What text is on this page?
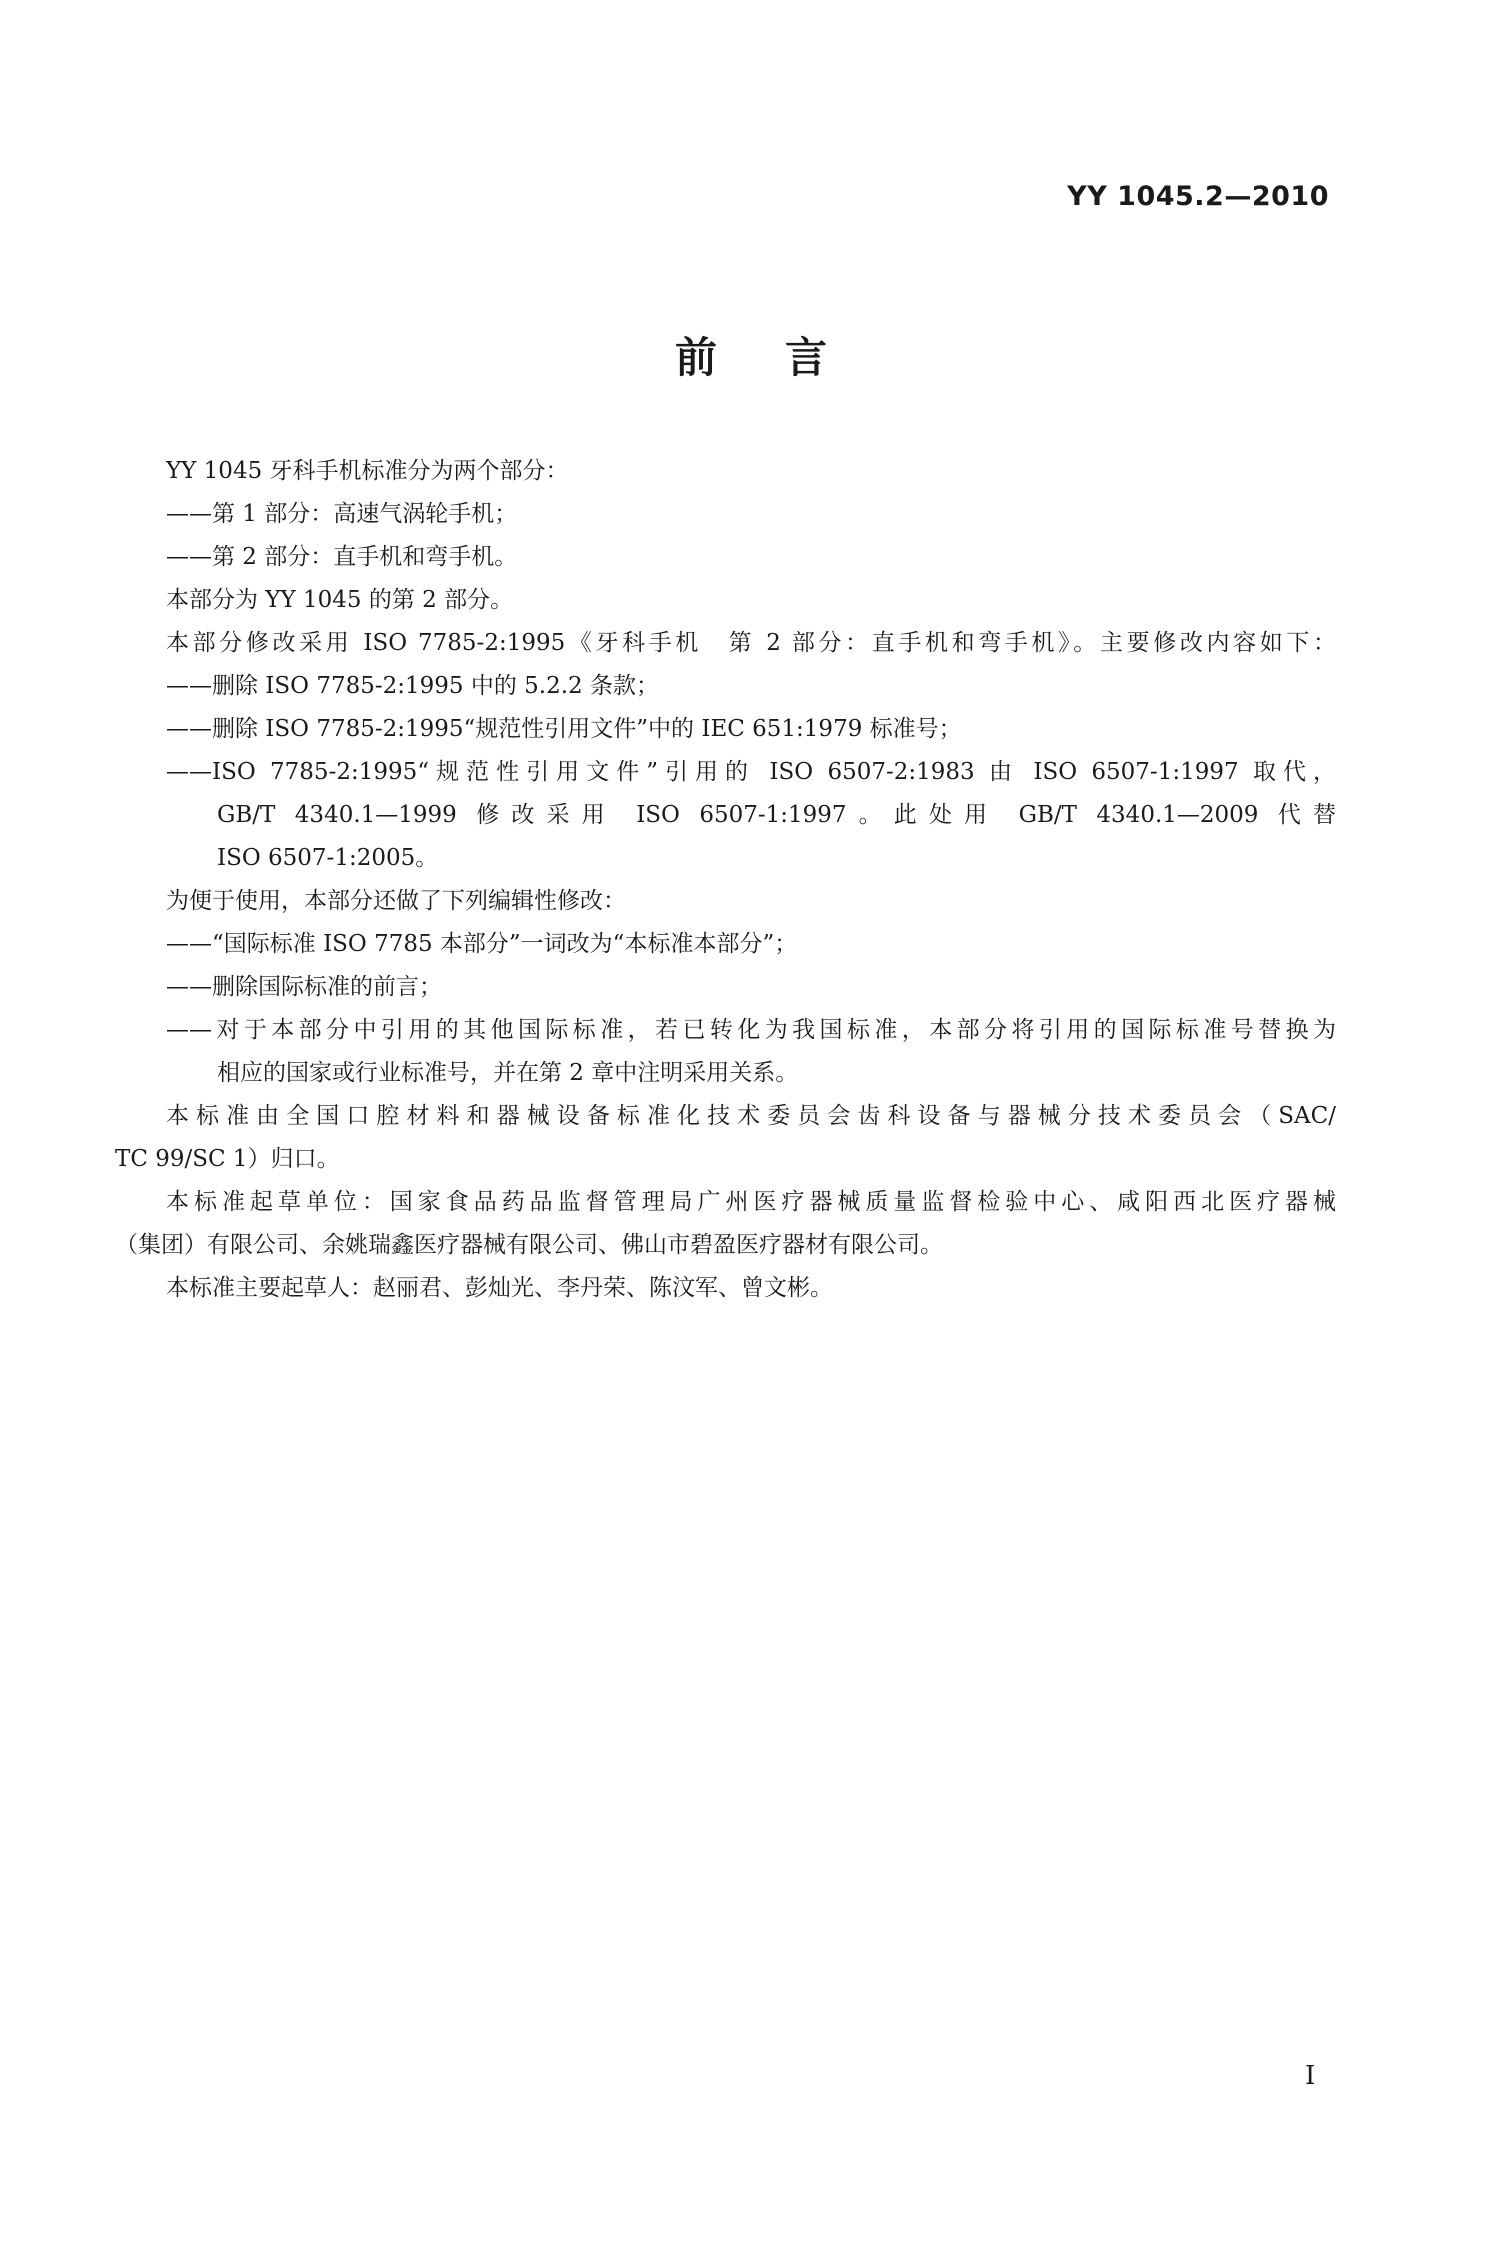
YY 1045.2—2010
前言
YY 1045 牙科手机标准分为两个部分：
——第 1 部分：高速气涡轮手机；
——第 2 部分：直手机和弯手机。
本部分为 YY 1045 的第 2 部分。
本部分修改采用 ISO 7785-2:1995《牙科手机　第 2 部分：直手机和弯手机》。主要修改内容如下：
——删除 ISO 7785-2:1995 中的 5.2.2 条款；
——删除 ISO 7785-2:1995“规范性引用文件”中的 IEC 651:1979 标准号；
——ISO 7785-2:1995“规范性引用文件”引用的 ISO 6507-2:1983 由 ISO 6507-1:1997 取代，
GB/T 4340.1—1999 修改采用 ISO 6507-1:1997。此处用 GB/T 4340.1—2009 代替
ISO 6507-1:2005。
为便于使用，本部分还做了下列编辑性修改：
——“国际标准 ISO 7785 本部分”一词改为“本标准本部分”；
——删除国际标准的前言；
——对于本部分中引用的其他国际标准，若已转化为我国标准，本部分将引用的国际标准号替换为
相应的国家或行业标准号，并在第 2 章中注明采用关系。
本标准由全国口腔材料和器械设备标准化技术委员会齿科设备与器械分技术委员会（SAC/
TC 99/SC 1）归口。
本标准起草单位：国家食品药品监督管理局广州医疗器械质量监督检验中心、咸阳西北医疗器械
（集团）有限公司、余姚瑞鑫医疗器械有限公司、佛山市碧盈医疗器材有限公司。
本标准主要起草人：赵丽君、彭灿光、李丹荣、陈汶军、曾文彬。
I
